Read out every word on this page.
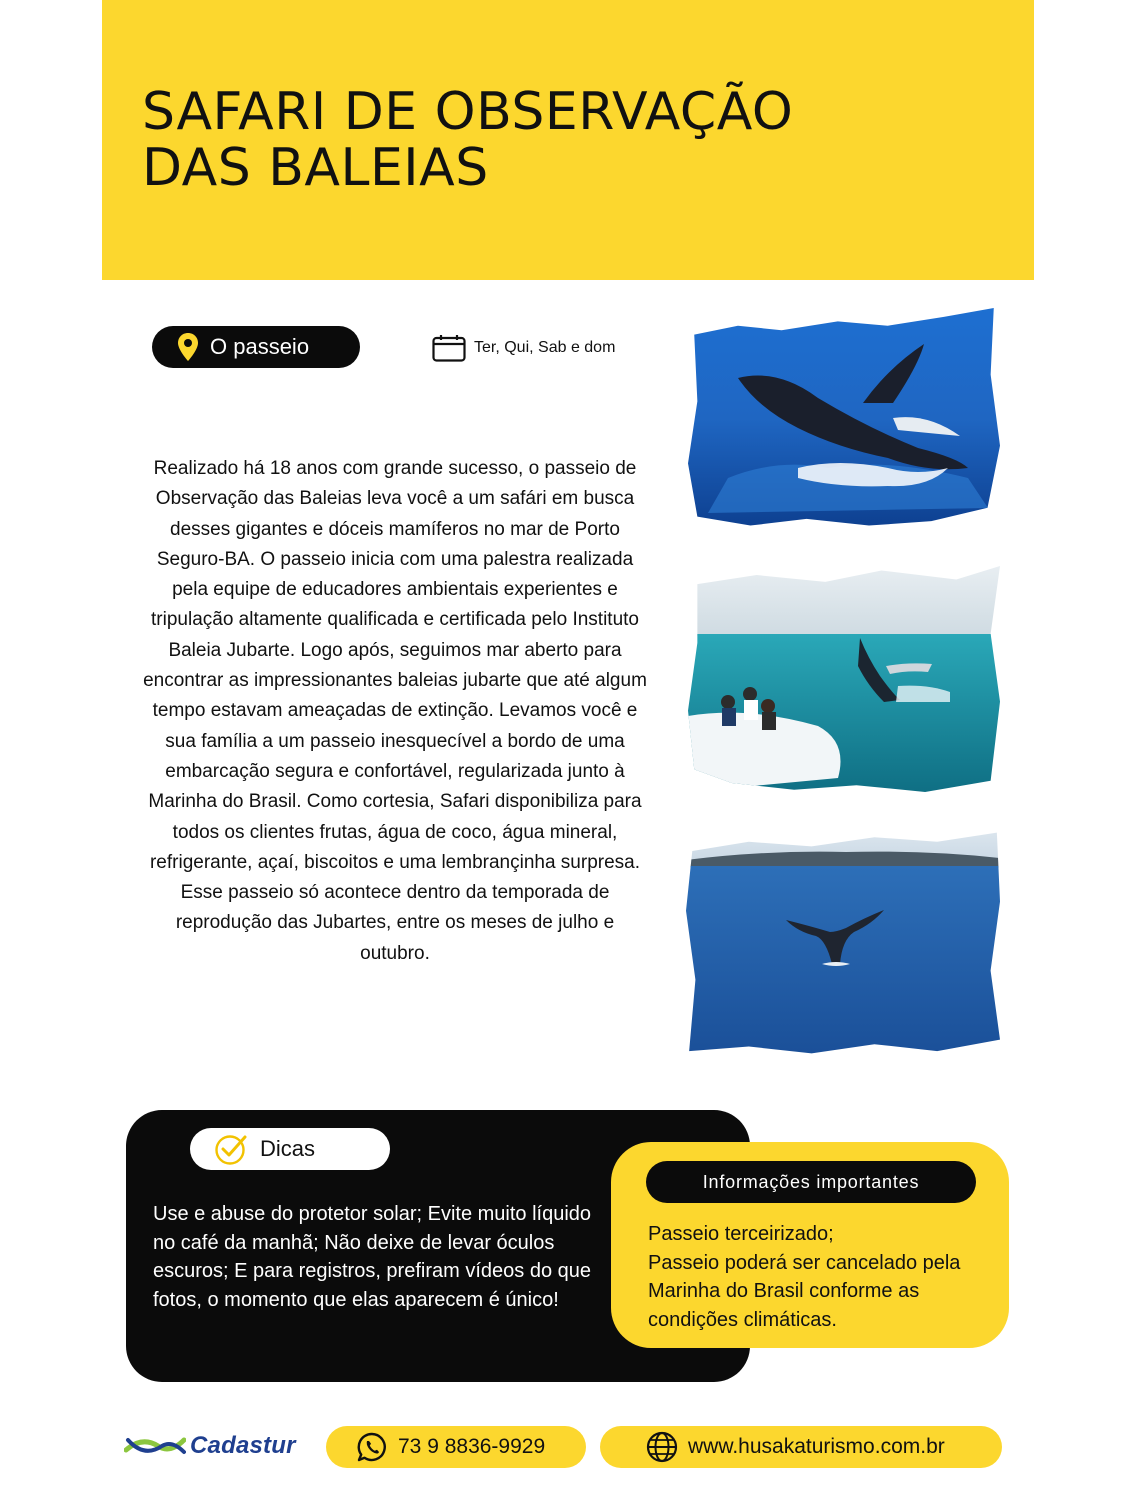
SAFARI DE OBSERVAÇÃO
DAS BALEIAS
O passeio	Ter, Qui, Sab e dom

Realizado há 18 anos com grande sucesso, o passeio de Observação das Baleias leva você a um safári em busca desses gigantes e dóceis mamíferos no mar de Porto Seguro-BA. O passeio inicia com uma palestra realizada pela equipe de educadores ambientais experientes e tripulação altamente qualificada e certificada pelo Instituto Baleia Jubarte. Logo após, seguimos mar aberto para encontrar as impressionantes baleias jubarte que até algum tempo estavam ameaçadas de extinção. Levamos você e sua família a um passeio inesquecível a bordo de uma embarcação segura e confortável, regularizada junto à Marinha do Brasil. Como cortesia, Safari disponibiliza para todos os clientes frutas, água de coco, água mineral, refrigerante, açaí, biscoitos e uma lembrançinha surpresa. Esse passeio só acontece dentro da temporada de reprodução das Jubartes, entre os meses de julho e outubro.

Dicas

Use e abuse do protetor solar; Evite muito líquido no café da manhã; Não deixe de levar óculos escuros; E para registros, prefiram vídeos do que fotos, o momento que elas aparecem é único!

Informações importantes
Passeio terceirizado;
Passeio poderá ser cancelado pela Marinha do Brasil conforme as condições climáticas.
Cadastur	73 9 8836-9929	www.husakaturismo.com.br
